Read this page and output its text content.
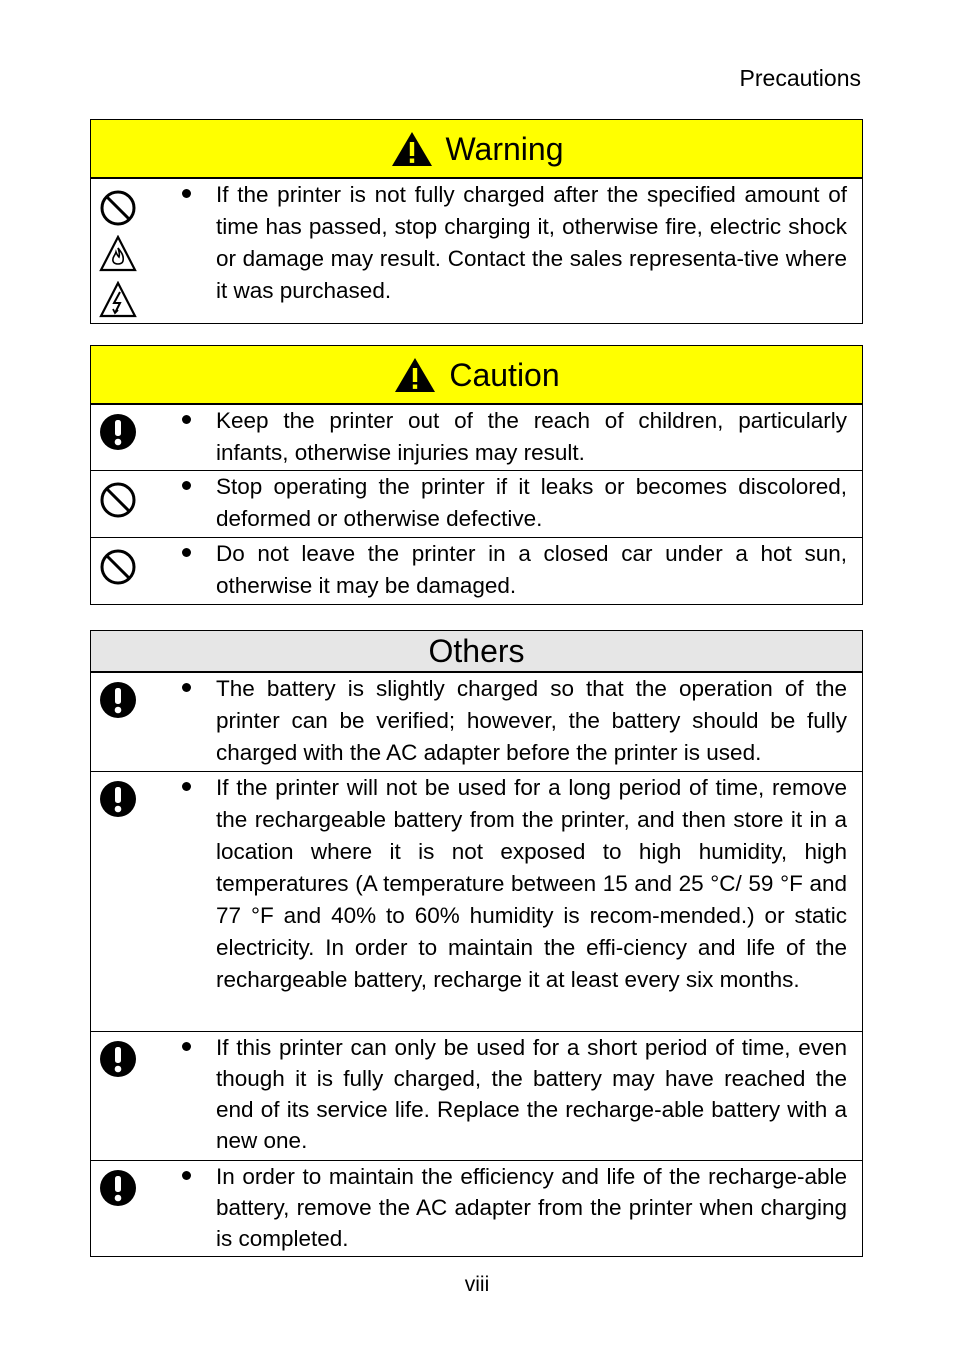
Precautions
Warning
If the printer is not fully charged after the specified amount of time has passed, stop charging it, otherwise fire, electric shock or damage may result. Contact the sales representa-tive where it was purchased.
Caution
Keep the printer out of the reach of children, particularly infants, otherwise injuries may result.
Stop operating the printer if it leaks or becomes discolored, deformed or otherwise defective.
Do not leave the printer in a closed car under a hot sun, otherwise it may be damaged.
Others
The battery is slightly charged so that the operation of the printer can be verified; however, the battery should be fully charged with the AC adapter before the printer is used.
If the printer will not be used for a long period of time, remove the rechargeable battery from the printer, and then store it in a location where it is not exposed to high humidity, high temperatures (A temperature between 15 and 25 °C/ 59 °F and 77 °F and 40% to 60% humidity is recom-mended.) or static electricity. In order to maintain the effi-ciency and life of the rechargeable battery, recharge it at least every six months.
If this printer can only be used for a short period of time, even though it is fully charged, the battery may have reached the end of its service life. Replace the recharge-able battery with a new one.
In order to maintain the efficiency and life of the recharge-able battery, remove the AC adapter from the printer when charging is completed.
viii
